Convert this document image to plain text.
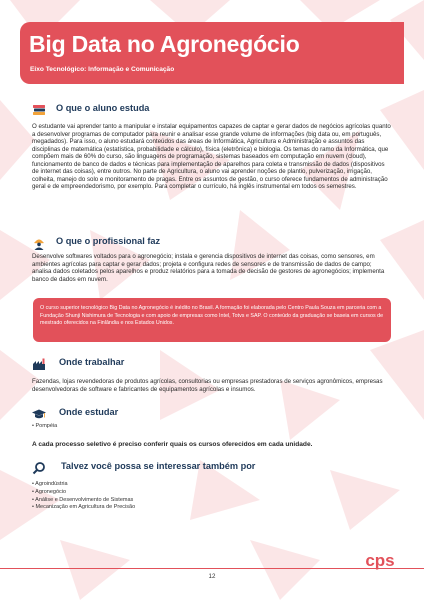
Big Data no Agronegócio
Eixo Tecnológico: Informação e Comunicação
O que o aluno estuda
O estudante vai aprender tanto a manipular e instalar equipamentos capazes de captar e gerar dados de negócios agrícolas quanto a desenvolver programas de computador para reunir e analisar esse grande volume de informações (big data ou, em português, megadados). Para isso, o aluno estudará conteúdos das áreas de Informática, Agricultura e Administração e assuntos das disciplinas de matemática (estatística, probabilidade e cálculo), física (eletrônica) e biologia. Os temas do ramo da Informática, que compõem mais de 60% do curso, são linguagens de programação, sistemas baseados em computação em nuvem (cloud), funcionamento de banco de dados e técnicas para implementação de aparelhos para coleta e transmissão de dados (dispositivos de internet das coisas), entre outros. No parte de Agricultura, o aluno vai aprender noções de plantio, pulverização, irrigação, colheita, manejo do solo e monitoramento de pragas. Entre os assuntos de gestão, o curso oferece fundamentos de administração geral e de empreendedorismo, por exemplo. Para completar o currículo, há inglês instrumental em todos os semestres.
O que o profissional faz
Desenvolve softwares voltados para o agronegócio; instala e gerencia dispositivos de internet das coisas, como sensores, em ambientes agrícolas para captar e gerar dados; projeta e configura redes de sensores e de transmissão de dados de campo; analisa dados coletados pelos aparelhos e produz relatórios para a tomada de decisão de gestores de agronegócios; implementa banco de dados em nuvem.
O curso superior tecnológico Big Data no Agronegócio é inédito no Brasil. A formação foi elaborada pelo Centro Paula Souza em parceria com a Fundação Shunji Nishimura de Tecnologia e com apoio de empresas como Intel, Totvs e SAP. O conteúdo da graduação se baseia em cursos de mestrado oferecidos na Finlândia e nos Estados Unidos.
Onde trabalhar
Fazendas, lojas revendedoras de produtos agrícolas, consultorias ou empresas prestadoras de serviços agronômicos, empresas desenvolvedoras de software e fabricantes de equipamentos agrícolas e insumos.
Onde estudar
• Pompéia
A cada processo seletivo é preciso conferir quais os cursos oferecidos em cada unidade.
Talvez você possa se interessar também por
• Agroindústria
• Agronegócio
• Análise e Desenvolvimento de Sistemas
• Mecanização em Agricultura de Precisão
12
cps
